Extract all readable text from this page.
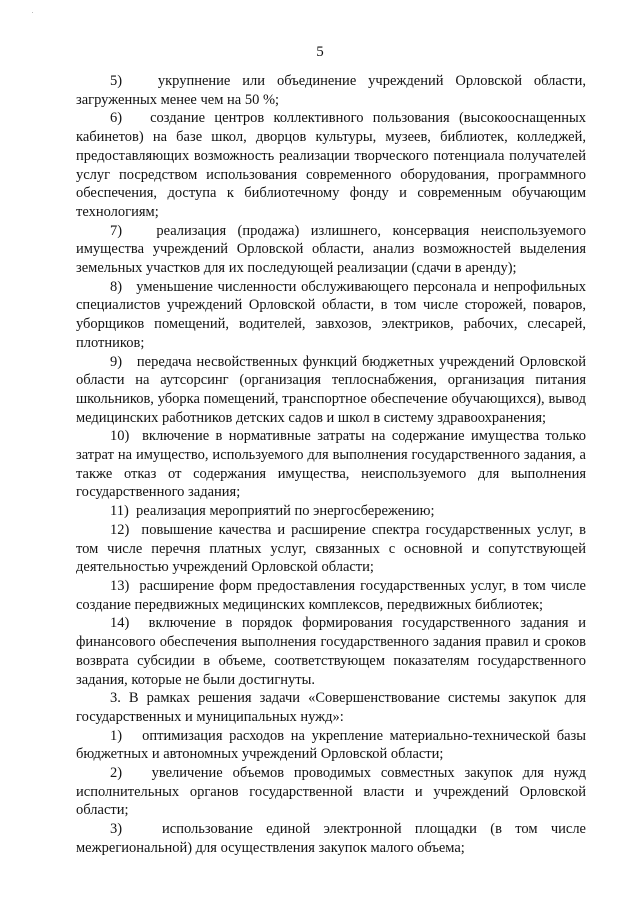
5

5)   укрупнение или объединение учреждений Орловской области, загруженных менее чем на 50 %;

6)   создание центров коллективного пользования (высокооснащенных кабинетов) на базе школ, дворцов культуры, музеев, библиотек, колледжей, предоставляющих возможность реализации творческого потенциала получателей услуг посредством использования современного оборудования, программного обеспечения, доступа к библиотечному фонду и современным обучающим технологиям;

7)   реализация (продажа) излишнего, консервация неиспользуемого имущества учреждений Орловской области, анализ возможностей выделения земельных участков для их последующей реализации (сдачи в аренду);

8)   уменьшение численности обслуживающего персонала и непрофильных специалистов учреждений Орловской области, в том числе сторожей, поваров, уборщиков помещений, водителей, завхозов, электриков, рабочих, слесарей, плотников;

9)   передача несвойственных функций бюджетных учреждений Орловской области на аутсорсинг (организация теплоснабжения, организация питания школьников, уборка помещений, транспортное обеспечение обучающихся), вывод медицинских работников детских садов и школ в систему здравоохранения;

10)  включение в нормативные затраты на содержание имущества только затрат на имущество, используемого для выполнения государственного задания, а также отказ от содержания имущества, неиспользуемого для выполнения государственного задания;

11)  реализация мероприятий по энергосбережению;

12)  повышение качества и расширение спектра государственных услуг, в том числе перечня платных услуг, связанных с основной и сопутствующей деятельностью учреждений Орловской области;

13)  расширение форм предоставления государственных услуг, в том числе создание передвижных медицинских комплексов, передвижных библиотек;

14)  включение в порядок формирования государственного задания и финансового обеспечения выполнения государственного задания правил и сроков возврата субсидии в объеме, соответствующем показателям государственного задания, которые не были достигнуты.

3. В рамках решения задачи «Совершенствование системы закупок для государственных и муниципальных нужд»:

1)   оптимизация расходов на укрепление материально-технической базы бюджетных и автономных учреждений Орловской области;

2)   увеличение объемов проводимых совместных закупок для нужд исполнительных органов государственной власти и учреждений Орловской области;

3)   использование единой электронной площадки (в том числе межрегиональной) для осуществления закупок малого объема;
